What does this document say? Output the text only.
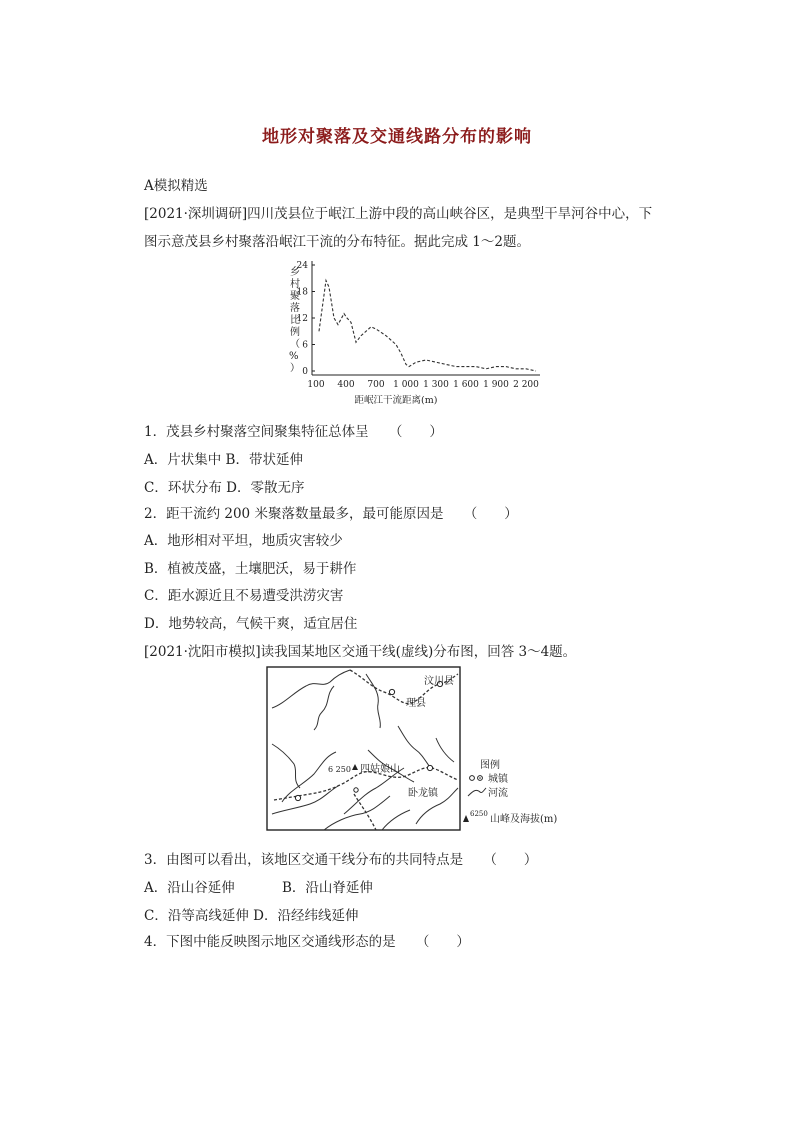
地形对聚落及交通线路分布的影响
A模拟精选
[2021·深圳调研]四川茂县位于岷江上游中段的高山峡谷区，是典型干旱河谷中心，下
图示意茂县乡村聚落沿岷江干流的分布特征。据此完成 1～2题。
乡
村
聚
落
比
例
（
%
）
24
18
12
6
0
100 400 700 1 000 1 300 1 600 1 900 2 200
距岷江干流距离(m)
1．茂县乡村聚落空间聚集特征总体呈　　（　　）
A．片状集中 B．带状延伸
C．环状分布 D．零散无序
2．距干流约 200 米聚落数量最多，最可能原因是　　（　　）
A．地形相对平坦，地质灾害较少
B．植被茂盛，土壤肥沃，易于耕作
C．距水源近且不易遭受洪涝灾害
D．地势较高，气候干爽，适宜居住
[2021·沈阳市模拟]读我国某地区交通干线(虚线)分布图，回答 3～4题。
汶川县
理县
6 250 四姑娘山
卧龙镇
图例
城镇
河流
6250 山峰及海拔(m)
3．由图可以看出，该地区交通干线分布的共同特点是　　（　　）
A．沿山谷延伸	B．沿山脊延伸
C．沿等高线延伸 D．沿经纬线延伸
4．下图中能反映图示地区交通线形态的是　　（　　）
